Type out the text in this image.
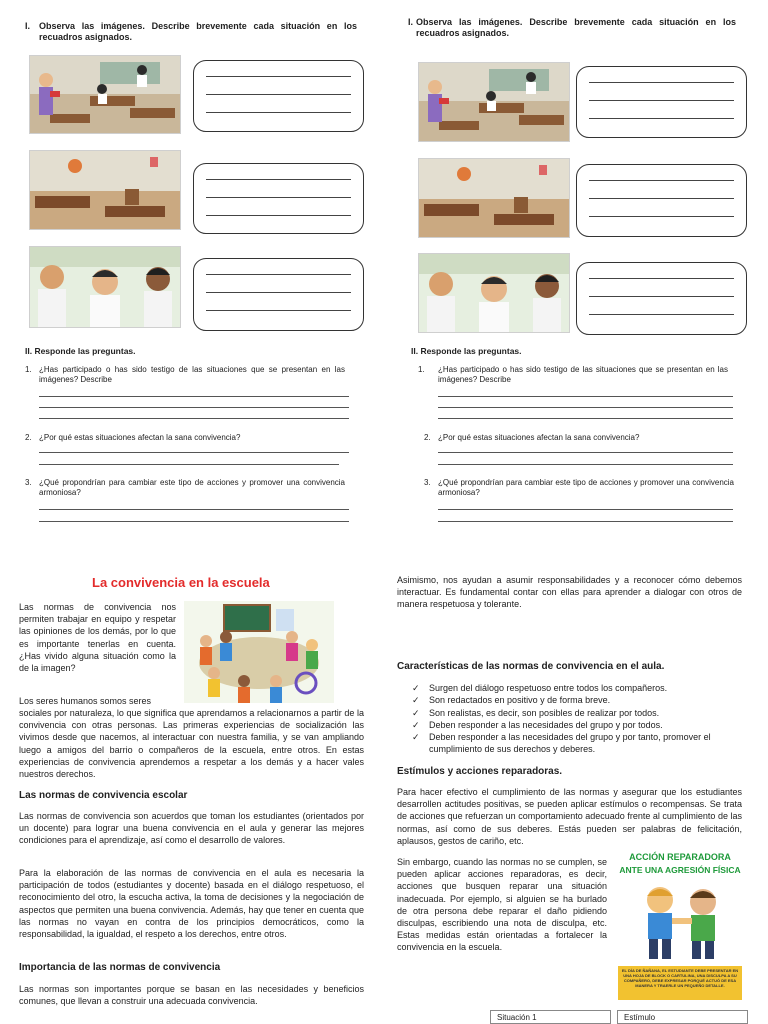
I. Observa las imágenes. Describe brevemente cada situación en los recuadros asignados.
II. Responde las preguntas.
1. ¿Has participado o has sido testigo de las situaciones que se presentan en las imágenes? Describe
2. ¿Por qué estas situaciones afectan la sana convivencia?
3. ¿Qué propondrían para cambiar este tipo de acciones y promover una convivencia armoniosa?
I. Observa las imágenes. Describe brevemente cada situación en los recuadros asignados.
II. Responde las preguntas.
1. ¿Has participado o has sido testigo de las situaciones que se presentan en las imágenes? Describe
2. ¿Por qué estas situaciones afectan la sana convivencia?
3. ¿Qué propondrían para cambiar este tipo de acciones y promover una convivencia armoniosa?
La convivencia en la escuela
Las normas de convivencia nos permiten trabajar en equipo y respetar las opiniones de los demás, por lo que es importante tenerlas en cuenta. ¿Has vivido alguna situación como la de la imagen?
Los seres humanos somos seres
sociales por naturaleza, lo que significa que aprendamos a relacionarnos a partir de la convivencia con otras personas. Las primeras experiencias de socialización las vivimos desde que nacemos, al interactuar con nuestra familia, y se van ampliando luego a amigos del barrio o compañeros de la escuela, entre otros. En estas experiencias de convivencia aprendemos a respetar a los demás y a hacer vales nuestros derechos.
Las normas de convivencia escolar
Las normas de convivencia son acuerdos que toman los estudiantes (orientados por un docente) para lograr una buena convivencia en el aula y generar las mejores condiciones para el aprendizaje, así como el desarrollo de valores.
Para la elaboración de las normas de convivencia en el aula es necesaria la participación de todos (estudiantes y docente) basada en el diálogo respetuoso, el reconocimiento del otro, la escucha activa, la toma de decisiones y la negociación de aspectos que permiten una buena convivencia. Además, hay que tener en cuenta que las normas no vayan en contra de los principios democráticos, como la responsabilidad, la igualdad, el respeto a los derechos, entre otros.
Importancia de las normas de convivencia
Las normas son importantes porque se basan en las necesidades y beneficios comunes, que llevan a construir una adecuada convivencia.
Asimismo, nos ayudan a asumir responsabilidades y a reconocer cómo debemos interactuar. Es fundamental contar con ellas para aprender a dialogar con otros de manera respetuosa y tolerante.
Características de las normas de convivencia en el aula.
✓ Surgen del diálogo respetuoso entre todos los compañeros.
✓ Son redactados en positivo y de forma breve.
✓ Son realistas, es decir, son posibles de realizar por todos.
✓ Deben responder a las necesidades del grupo y por todos.
✓ Deben responder a las necesidades del grupo y por tanto, promover el cumplimiento de sus derechos y deberes.
Estímulos y acciones reparadoras.
Para hacer efectivo el cumplimiento de las normas y asegurar que los estudiantes desarrollen actitudes positivas, se pueden aplicar estímulos o recompensas. Se trata de acciones que refuerzan un comportamiento adecuado frente al cumplimiento de las normas, así como de sus deberes. Estás pueden ser palabras de felicitación, aplausos, gestos de cariño, etc.
Sin embargo, cuando las normas no se cumplen, se pueden aplicar acciones reparadoras, es decir, acciones que busquen reparar una situación inadecuada. Por ejemplo, si alguien se ha burlado de otra persona debe reparar el daño pidiendo disculpas, escribiendo una nota de disculpa, etc. Estas medidas están orientadas a fortalecer la convivencia en la escuela.
ACCIÓN REPARADORA
ANTE UNA AGRESIÓN FÍSICA
EL DÍA DE ÑAÑANA, EL ESTUDIANTE DEBE PRESENTAR EN UNA HOJA DE BLOCK O CARTULINA, UNA DISCULPA A SU COMPAÑERO, DEBE EXPRESAR PORQUÉ ACTUÓ DE ESA MANERA Y TRAERLE UN PEQUEÑO DETALLE.
Situación 1	Estímulo
